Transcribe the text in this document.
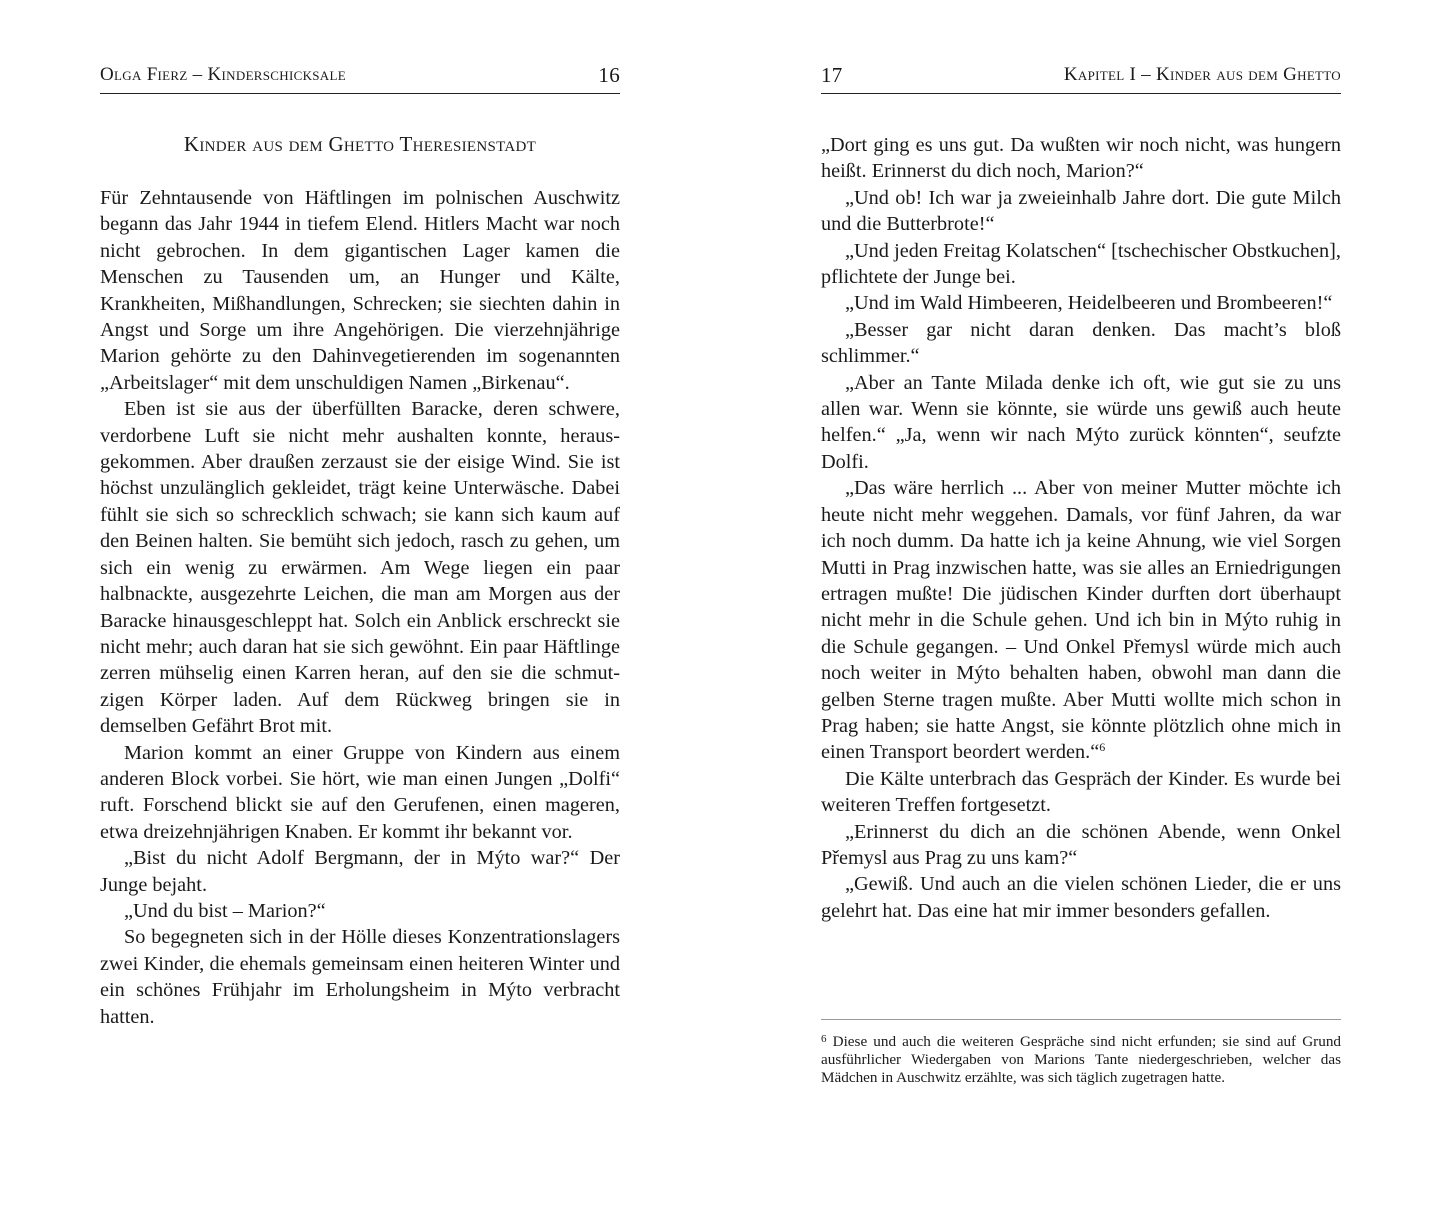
Olga Fierz – Kinderschicksale	16
Kinder aus dem Ghetto Theresienstadt

Für Zehntausende von Häftlingen im polnischen Auschwitz begann das Jahr 1944 in tiefem Elend. Hitlers Macht war noch nicht gebrochen. In dem gigantischen Lager kamen die Menschen zu Tausenden um, an Hunger und Kälte, Krankheiten, Mißhandlungen, Schrecken; sie siechten dahin in Angst und Sorge um ihre Angehörigen. Die vierzehnjährige Marion gehörte zu den Dahinvegetierenden im sogenannten „Arbeitslager“ mit dem unschuldigen Namen „Birkenau“.

Eben ist sie aus der überfüllten Baracke, deren schwere, verdorbene Luft sie nicht mehr aushalten konnte, herausgekommen. Aber draußen zerzaust sie der eisige Wind. Sie ist höchst unzulänglich gekleidet, trägt keine Unterwäsche. Dabei fühlt sie sich so schrecklich schwach; sie kann sich kaum auf den Beinen halten. Sie bemüht sich jedoch, rasch zu gehen, um sich ein wenig zu erwärmen. Am Wege liegen ein paar halbnackte, ausgezehrte Leichen, die man am Morgen aus der Baracke hinausgeschleppt hat. Solch ein Anblick erschreckt sie nicht mehr; auch daran hat sie sich gewöhnt. Ein paar Häftlinge zerren mühselig einen Karren heran, auf den sie die schmutzigen Körper laden. Auf dem Rückweg bringen sie in demselben Gefährt Brot mit.

Marion kommt an einer Gruppe von Kindern aus einem anderen Block vorbei. Sie hört, wie man einen Jungen „Dolfi“ ruft. Forschend blickt sie auf den Gerufenen, einen mageren, etwa dreizehnjährigen Knaben. Er kommt ihr bekannt vor.

„Bist du nicht Adolf Bergmann, der in Mýto war?“ Der Junge bejaht.

„Und du bist – Marion?“

So begegneten sich in der Hölle dieses Konzentrationslagers zwei Kinder, die ehemals gemeinsam einen heiteren Winter und ein schönes Frühjahr im Erholungsheim in Mýto verbracht hatten.

17	Kapitel I – Kinder aus dem Ghetto

„Dort ging es uns gut. Da wußten wir noch nicht, was hungern heißt. Erinnerst du dich noch, Marion?“

„Und ob! Ich war ja zweieinhalb Jahre dort. Die gute Milch und die Butterbrote!“

„Und jeden Freitag Kolatschen“ [tschechischer Obstkuchen], pflichtete der Junge bei.

„Und im Wald Himbeeren, Heidelbeeren und Brombeeren!“

„Besser gar nicht daran denken. Das macht’s bloß schlimmer.“

„Aber an Tante Milada denke ich oft, wie gut sie zu uns allen war. Wenn sie könnte, sie würde uns gewiß auch heute helfen.“ „Ja, wenn wir nach Mýto zurück könnten“, seufzte Dolfi.

„Das wäre herrlich ... Aber von meiner Mutter möchte ich heute nicht mehr weggehen. Damals, vor fünf Jahren, da war ich noch dumm. Da hatte ich ja keine Ahnung, wie viel Sorgen Mutti in Prag inzwischen hatte, was sie alles an Erniedrigungen ertragen mußte! Die jüdischen Kinder durften dort überhaupt nicht mehr in die Schule gehen. Und ich bin in Mýto ruhig in die Schule gegangen. – Und Onkel Přemysl würde mich auch noch weiter in Mýto behalten haben, obwohl man dann die gelben Sterne tragen mußte. Aber Mutti wollte mich schon in Prag haben; sie hatte Angst, sie könnte plötzlich ohne mich in einen Transport beordert werden.“$^6$

Die Kälte unterbrach das Gespräch der Kinder. Es wurde bei weiteren Treffen fortgesetzt.

„Erinnerst du dich an die schönen Abende, wenn Onkel Přemysl aus Prag zu uns kam?“

„Gewiß. Und auch an die vielen schönen Lieder, die er uns gelehrt hat. Das eine hat mir immer besonders gefallen.

$^6$ Diese und auch die weiteren Gespräche sind nicht erfunden; sie sind auf Grund ausführlicher Wiedergaben von Marions Tante niedergeschrieben, welcher das Mädchen in Auschwitz erzählte, was sich täglich zugetragen hatte.
